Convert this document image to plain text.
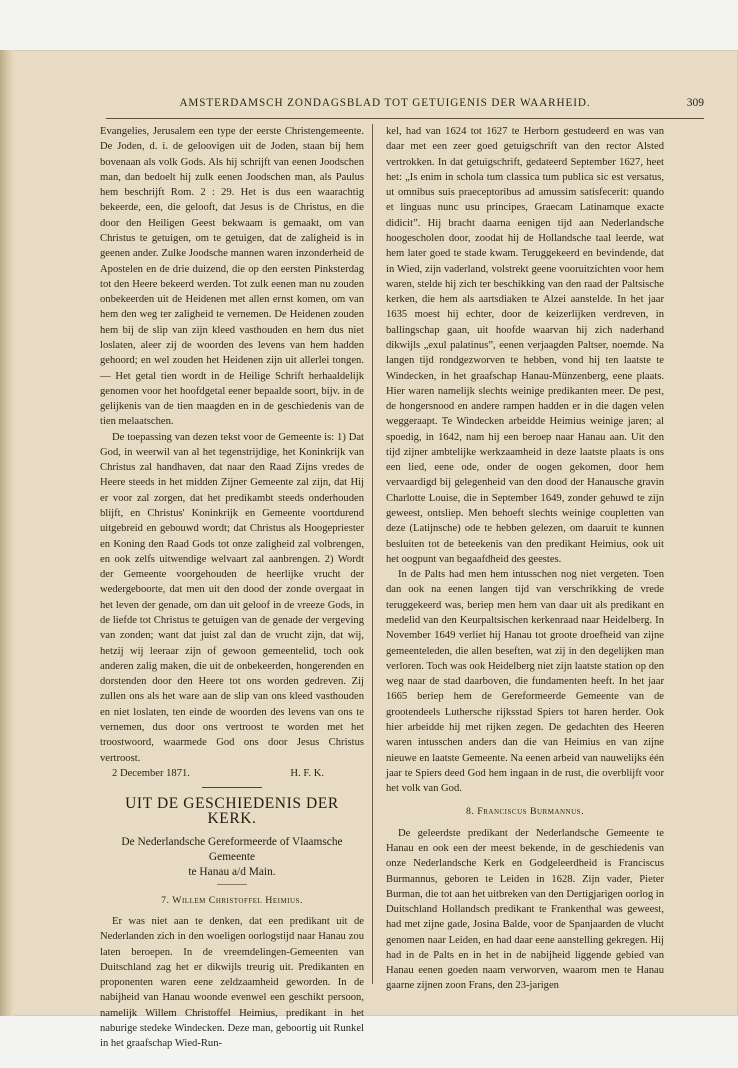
AMSTERDAMSCH ZONDAGSBLAD TOT GETUIGENIS DER WAARHEID.	309

Evangelies, Jerusalem een type der eerste Christengemeente. De Joden, d. i. de geloovigen uit de Joden, staan bij hem bovenaan als volk Gods. Als hij schrijft van eenen Joodschen man, dan bedoelt hij zulk eenen Joodschen man, als Paulus hem beschrijft Rom. 2 : 29. Het is dus een waarachtig bekeerde, een, die gelooft, dat Jesus is de Christus, en die door den Heiligen Geest bekwaam is gemaakt, om van Christus te getuigen, om te getuigen, dat de zaligheid is in geenen ander. Zulke Joodsche mannen waren inzonderheid de Apostelen en de drie duizend, die op den eersten Pinksterdag tot den Heere bekeerd werden. Tot zulk eenen man nu zouden onbekeerden uit de Heidenen met allen ernst komen, om van hem den weg ter zaligheid te vernemen. De Heidenen zouden hem bij de slip van zijn kleed vasthouden en hem dus niet loslaten, aleer zij de woorden des levens van hem hadden gehoord; en wel zouden het Heidenen zijn uit allerlei tongen. — Het getal tien wordt in de Heilige Schrift herhaaldelijk genomen voor het hoofdgetal eener bepaalde soort, bijv. in de gelijkenis van de tien maagden en in de geschiedenis van de tien melaatschen.

De toepassing van dezen tekst voor de Gemeente is: 1) Dat God, in weerwil van al het tegenstrijdige, het Koninkrijk van Christus zal handhaven, dat naar den Raad Zijns vredes de Heere steeds in het midden Zijner Gemeente zal zijn, dat Hij er voor zal zorgen, dat het predikambt steeds onderhouden blijft, en Christus' Koninkrijk en Gemeente voortdurend uitgebreid en gebouwd wordt; dat Christus als Hoogepriester en Koning den Raad Gods tot onze zaligheid zal volbrengen, en ook zelfs uitwendige welvaart zal aanbrengen. 2) Wordt der Gemeente voorgehouden de heerlijke vrucht der wedergeboorte, dat men uit den dood der zonde overgaat in het leven der genade, om dan uit geloof in de vreeze Gods, in de liefde tot Christus te getuigen van de genade der vergeving van zonden; want dat juist zal dan de vrucht zijn, dat wij, hetzij wij leeraar zijn of gewoon gemeentelid, toch ook anderen zalig maken, die uit de onbekeerden, hongerenden en dorstenden door den Heere tot ons worden gedreven. Zij zullen ons als het ware aan de slip van ons kleed vasthouden en niet loslaten, ten einde de woorden des levens van ons te vernemen, dus door ons vertroost te worden met het troostwoord, waarmede God ons door Jesus Christus vertroost.

2 December 1871.	H. F. K.
UIT DE GESCHIEDENIS DER KERK.
De Nederlandsche Gereformeerde of Vlaamsche Gemeente
te Hanau a/d Main.
7. Willem Christoffel Heimius.

Er was niet aan te denken, dat een predikant uit de Nederlanden zich in den woeligen oorlogstijd naar Hanau zou laten beroepen. In de vreemdelingen-Gemeenten van Duitschland zag het er dikwijls treurig uit. Predikanten en proponenten waren eene zeldzaamheid geworden. In de nabijheid van Hanau woonde evenwel een geschikt persoon, namelijk Willem Christoffel Heimius, predikant in het naburige stedeke Windecken. Deze man, geboortig uit Runkel in het graafschap Wied-Run-

kel, had van 1624 tot 1627 te Herborn gestudeerd en was van daar met een zeer goed getuigschrift van den rector Alsted vertrokken. In dat getuigschrift, gedateerd September 1627, heet het: „Is enim in schola tum classica tum publica sic est versatus, ut omnibus suis praeceptoribus ad amussim satisfecerit: quando et linguas nunc usu principes, Graecam Latinamque exacte didicit”. Hij bracht daarna eenigen tijd aan Nederlandsche hoogescholen door, zoodat hij de Hollandsche taal leerde, wat hem later goed te stade kwam. Teruggekeerd en bevindende, dat in Wied, zijn vaderland, volstrekt geene vooruitzichten voor hem waren, stelde hij zich ter beschikking van den raad der Paltsische kerken, die hem als aartsdiaken te Alzei aanstelde. In het jaar 1635 moest hij echter, door de keizerlijken verdreven, in ballingschap gaan, uit hoofde waarvan hij zich naderhand dikwijls „exul palatinus”, eenen verjaagden Paltser, noemde. Na langen tijd rondgezworven te hebben, vond hij ten laatste te Windecken, in het graafschap Hanau-Münzenberg, eene plaats. Hier waren namelijk slechts weinige predikanten meer. De pest, de hongersnood en andere rampen hadden er in die dagen velen weggeraapt. Te Windecken arbeidde Heimius weinige jaren; al spoedig, in 1642, nam hij een beroep naar Hanau aan. Uit den tijd zijner ambtelijke werkzaamheid in deze laatste plaats is ons een lied, eene ode, onder de oogen gekomen, door hem vervaardigd bij gelegenheid van den dood der Hanausche gravin Charlotte Louise, die in September 1649, zonder gehuwd te zijn geweest, ontsliep. Men behoeft slechts weinige coupletten van deze (Latijnsche) ode te hebben gelezen, om daaruit te kunnen besluiten tot de beteekenis van den predikant Heimius, ook uit het oogpunt van begaafdheid des geestes.

In de Palts had men hem intusschen nog niet vergeten. Toen dan ook na eenen langen tijd van verschrikking de vrede teruggekeerd was, beriep men hem van daar uit als predikant en medelid van den Keurpaltsischen kerkenraad naar Heidelberg. In November 1649 verliet hij Hanau tot groote droefheid van zijne gemeenteleden, die allen beseften, wat zij in den degelijken man verloren. Toch was ook Heidelberg niet zijn laatste station op den weg naar de stad daarboven, die fundamenten heeft. In het jaar 1665 beriep hem de Gereformeerde Gemeente van de grootendeels Luthersche rijksstad Spiers tot haren herder. Ook hier arbeidde hij met rijken zegen. De gedachten des Heeren waren intusschen anders dan die van Heimius en van zijne nieuwe en laatste Gemeente. Na eenen arbeid van nauwelijks één jaar te Spiers deed God hem ingaan in de rust, die overblijft voor het volk van God.

8. Franciscus Burmannus.

De geleerdste predikant der Nederlandsche Gemeente te Hanau en ook een der meest bekende, in de geschiedenis van onze Nederlandsche Kerk en Godgeleerdheid is Franciscus Burmannus, geboren te Leiden in 1628. Zijn vader, Pieter Burman, die tot aan het uitbreken van den Dertigjarigen oorlog in Duitschland Hollandsch predikant te Frankenthal was geweest, had met zijne gade, Josina Balde, voor de Spanjaarden de vlucht genomen naar Leiden, en had daar eene aanstelling gekregen. Hij had in de Palts en in het in de nabijheid liggende gebied van Hanau eenen goeden naam verworven, waarom men te Hanau gaarne zijnen zoon Frans, den 23-jarigen
